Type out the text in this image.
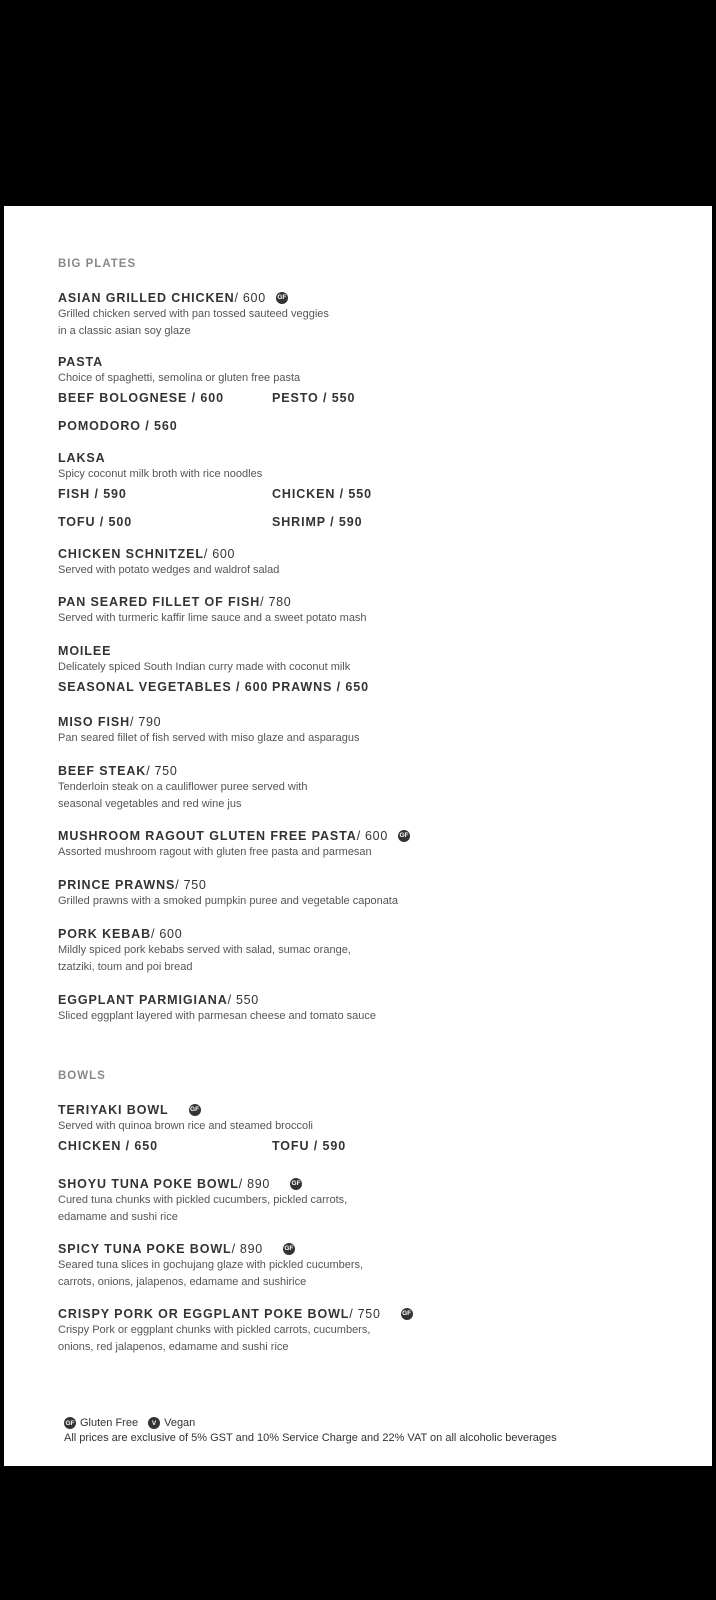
BIG PLATES
ASIAN GRILLED CHICKEN / 600 GF
Grilled chicken served with pan tossed sauteed veggies
in a classic asian soy glaze
PASTA
Choice of spaghetti, semolina or gluten free pasta
BEEF BOLOGNESE / 600	PESTO / 550
POMODORO / 560
LAKSA
Spicy coconut milk broth with rice noodles
FISH / 590	CHICKEN / 550
TOFU / 500	SHRIMP / 590
CHICKEN SCHNITZEL / 600
Served with potato wedges and waldrof salad
PAN SEARED FILLET OF FISH / 780
Served with turmeric kaffir lime sauce and a sweet potato mash
MOILEE
Delicately spiced South Indian curry made with coconut milk
SEASONAL VEGETABLES / 600 PRAWNS / 650
MISO FISH / 790
Pan seared fillet of fish served with miso glaze and asparagus
BEEF STEAK / 750
Tenderloin steak on a cauliflower puree served with
seasonal vegetables and red wine jus
MUSHROOM RAGOUT GLUTEN FREE PASTA / 600 GF
Assorted mushroom ragout with gluten free pasta and parmesan
PRINCE PRAWNS / 750
Grilled prawns with a smoked pumpkin puree and vegetable caponata
PORK KEBAB / 600
Mildly spiced pork kebabs served with salad, sumac orange,
tzatziki, toum and poi bread
EGGPLANT PARMIGIANA / 550
Sliced eggplant layered with parmesan cheese and tomato sauce
BOWLS
TERIYAKI BOWL	GF
Served with quinoa brown rice and steamed broccoli
CHICKEN / 650	TOFU / 590
SHOYU TUNA POKE BOWL / 890	GF
Cured tuna chunks with pickled cucumbers, pickled carrots,
edamame and sushi rice
SPICY TUNA POKE BOWL / 890	GF
Seared tuna slices in gochujang glaze with pickled cucumbers,
carrots, onions, jalapenos, edamame and sushirice
CRISPY PORK OR EGGPLANT POKE BOWL / 750	GF
Crispy Pork or eggplant chunks with pickled carrots, cucumbers,
onions, red jalapenos, edamame and sushi rice
GF Gluten Free	V Vegan
All prices are exclusive of 5% GST and 10% Service Charge and 22% VAT on all alcoholic beverages
